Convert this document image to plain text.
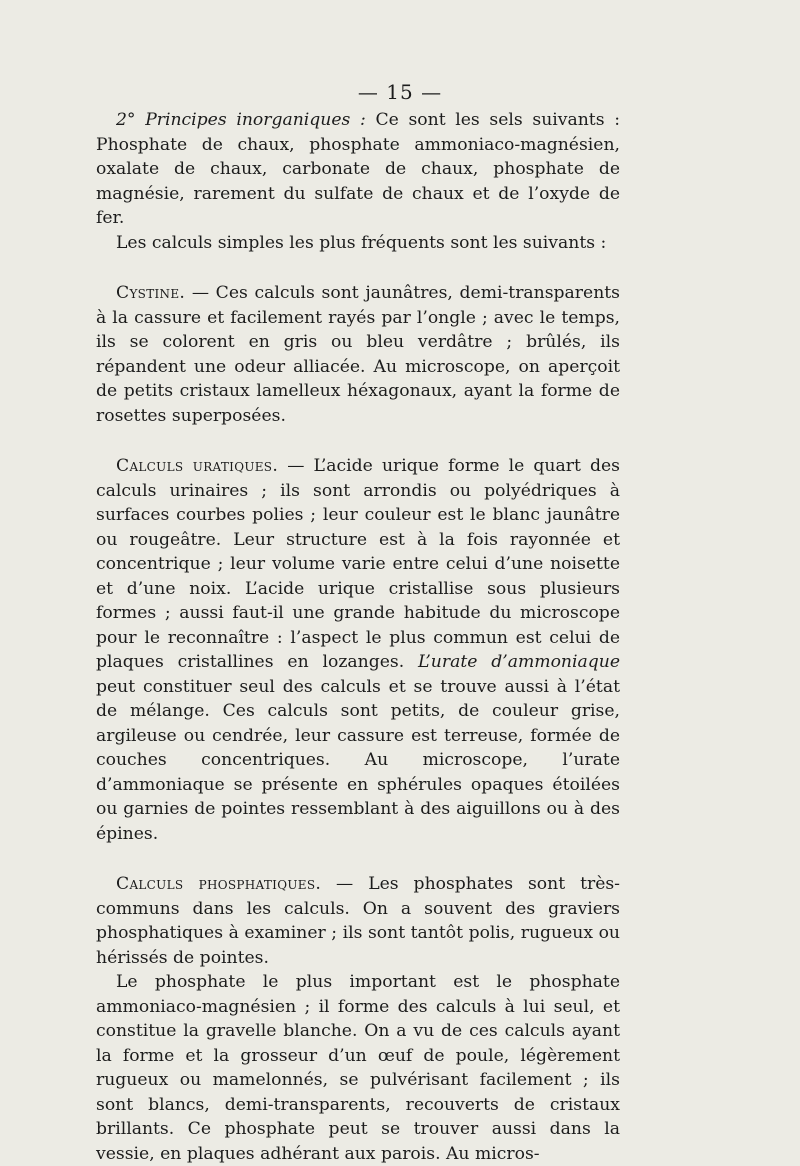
— 15 —

2° Principes inorganiques : Ce sont les sels suivants : Phosphate de chaux, phosphate ammoniaco-magnésien, oxalate de chaux, carbonate de chaux, phosphate de magnésie, rarement du sulfate de chaux et de l’oxyde de fer.

Les calculs simples les plus fréquents sont les suivants :

Cystine. — Ces calculs sont jaunâtres, demi-transparents à la cassure et facilement rayés par l’ongle ; avec le temps, ils se colorent en gris ou bleu verdâtre ; brûlés, ils répandent une odeur alliacée. Au microscope, on aperçoit de petits cristaux lamelleux héxagonaux, ayant la forme de rosettes superposées.

Calculs uratiques. — L’acide urique forme le quart des calculs urinaires ; ils sont arrondis ou polyédriques à surfaces courbes polies ; leur couleur est le blanc jaunâtre ou rougeâtre. Leur structure est à la fois rayonnée et concentrique ; leur volume varie entre celui d’une noisette et d’une noix. L’acide urique cristallise sous plusieurs formes ; aussi faut-il une grande habitude du microscope pour le reconnaître : l’aspect le plus commun est celui de plaques cristallines en lozanges. L’urate d’ammoniaque peut constituer seul des calculs et se trouve aussi à l’état de mélange. Ces calculs sont petits, de couleur grise, argileuse ou cendrée, leur cassure est terreuse, formée de couches concentriques. Au microscope, l’urate d’ammoniaque se présente en sphérules opaques étoilées ou garnies de pointes ressemblant à des aiguillons ou à des épines.

Calculs phosphatiques. — Les phosphates sont très-communs dans les calculs. On a souvent des graviers phosphatiques à examiner ; ils sont tantôt polis, rugueux ou hérissés de pointes.

Le phosphate le plus important est le phosphate ammoniaco-magnésien ; il forme des calculs à lui seul, et constitue la gravelle blanche. On a vu de ces calculs ayant la forme et la grosseur d’un œuf de poule, légèrement rugueux ou mamelonnés, se pulvérisant facilement ; ils sont blancs, demi-transparents, recouverts de cristaux brillants. Ce phosphate peut se trouver aussi dans la vessie, en plaques adhérant aux parois. Au micros-
